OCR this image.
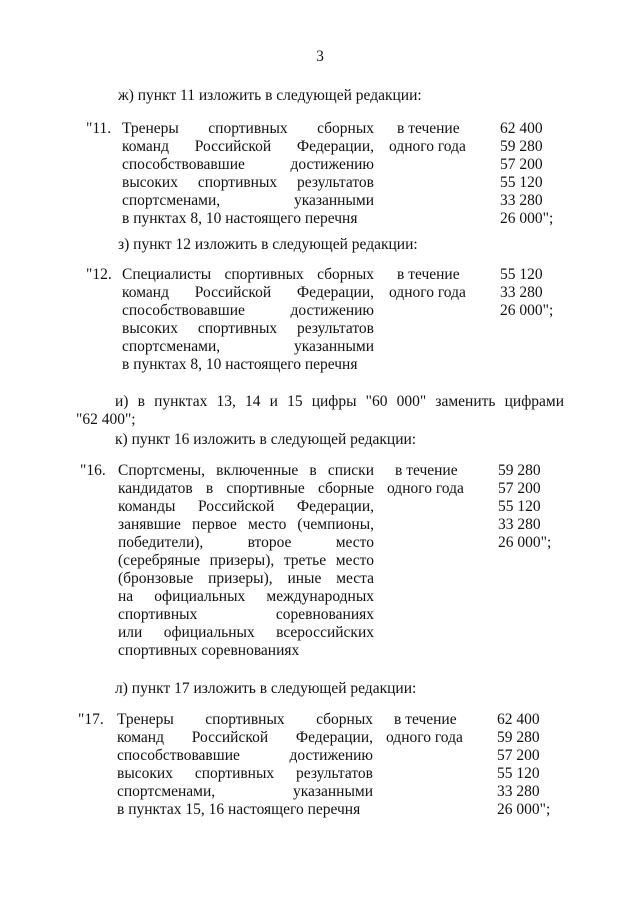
3
ж) пункт 11 изложить в следующей редакции:
"11. Тренеры спортивных сборных
команд Российской Федерации,
способствовавшие достижению
высоких спортивных результатов
спортсменами, указанными
в пунктах 8, 10 настоящего перечня
в течение
одного года
62 400
59 280
57 200
55 120
33 280
26 000";
з) пункт 12 изложить в следующей редакции:
"12. Специалисты спортивных сборных
команд Российской Федерации,
способствовавшие достижению
высоких спортивных результатов
спортсменами, указанными
в пунктах 8, 10 настоящего перечня
в течение
одного года
55 120
33 280
26 000";
и) в пунктах 13, 14 и 15 цифры "60 000" заменить цифрами
"62 400";
к) пункт 16 изложить в следующей редакции:
"16. Спортсмены, включенные в списки
кандидатов в спортивные сборные
команды Российской Федерации,
занявшие первое место (чемпионы,
победители), второе место
(серебряные призеры), третье место
(бронзовые призеры), иные места
на официальных международных
спортивных соревнованиях
или официальных всероссийских
спортивных соревнованиях
в течение
одного года
59 280
57 200
55 120
33 280
26 000";
л) пункт 17 изложить в следующей редакции:
"17. Тренеры спортивных сборных
команд Российской Федерации,
способствовавшие достижению
высоких спортивных результатов
спортсменами, указанными
в пунктах 15, 16 настоящего перечня
в течение
одного года
62 400
59 280
57 200
55 120
33 280
26 000";
